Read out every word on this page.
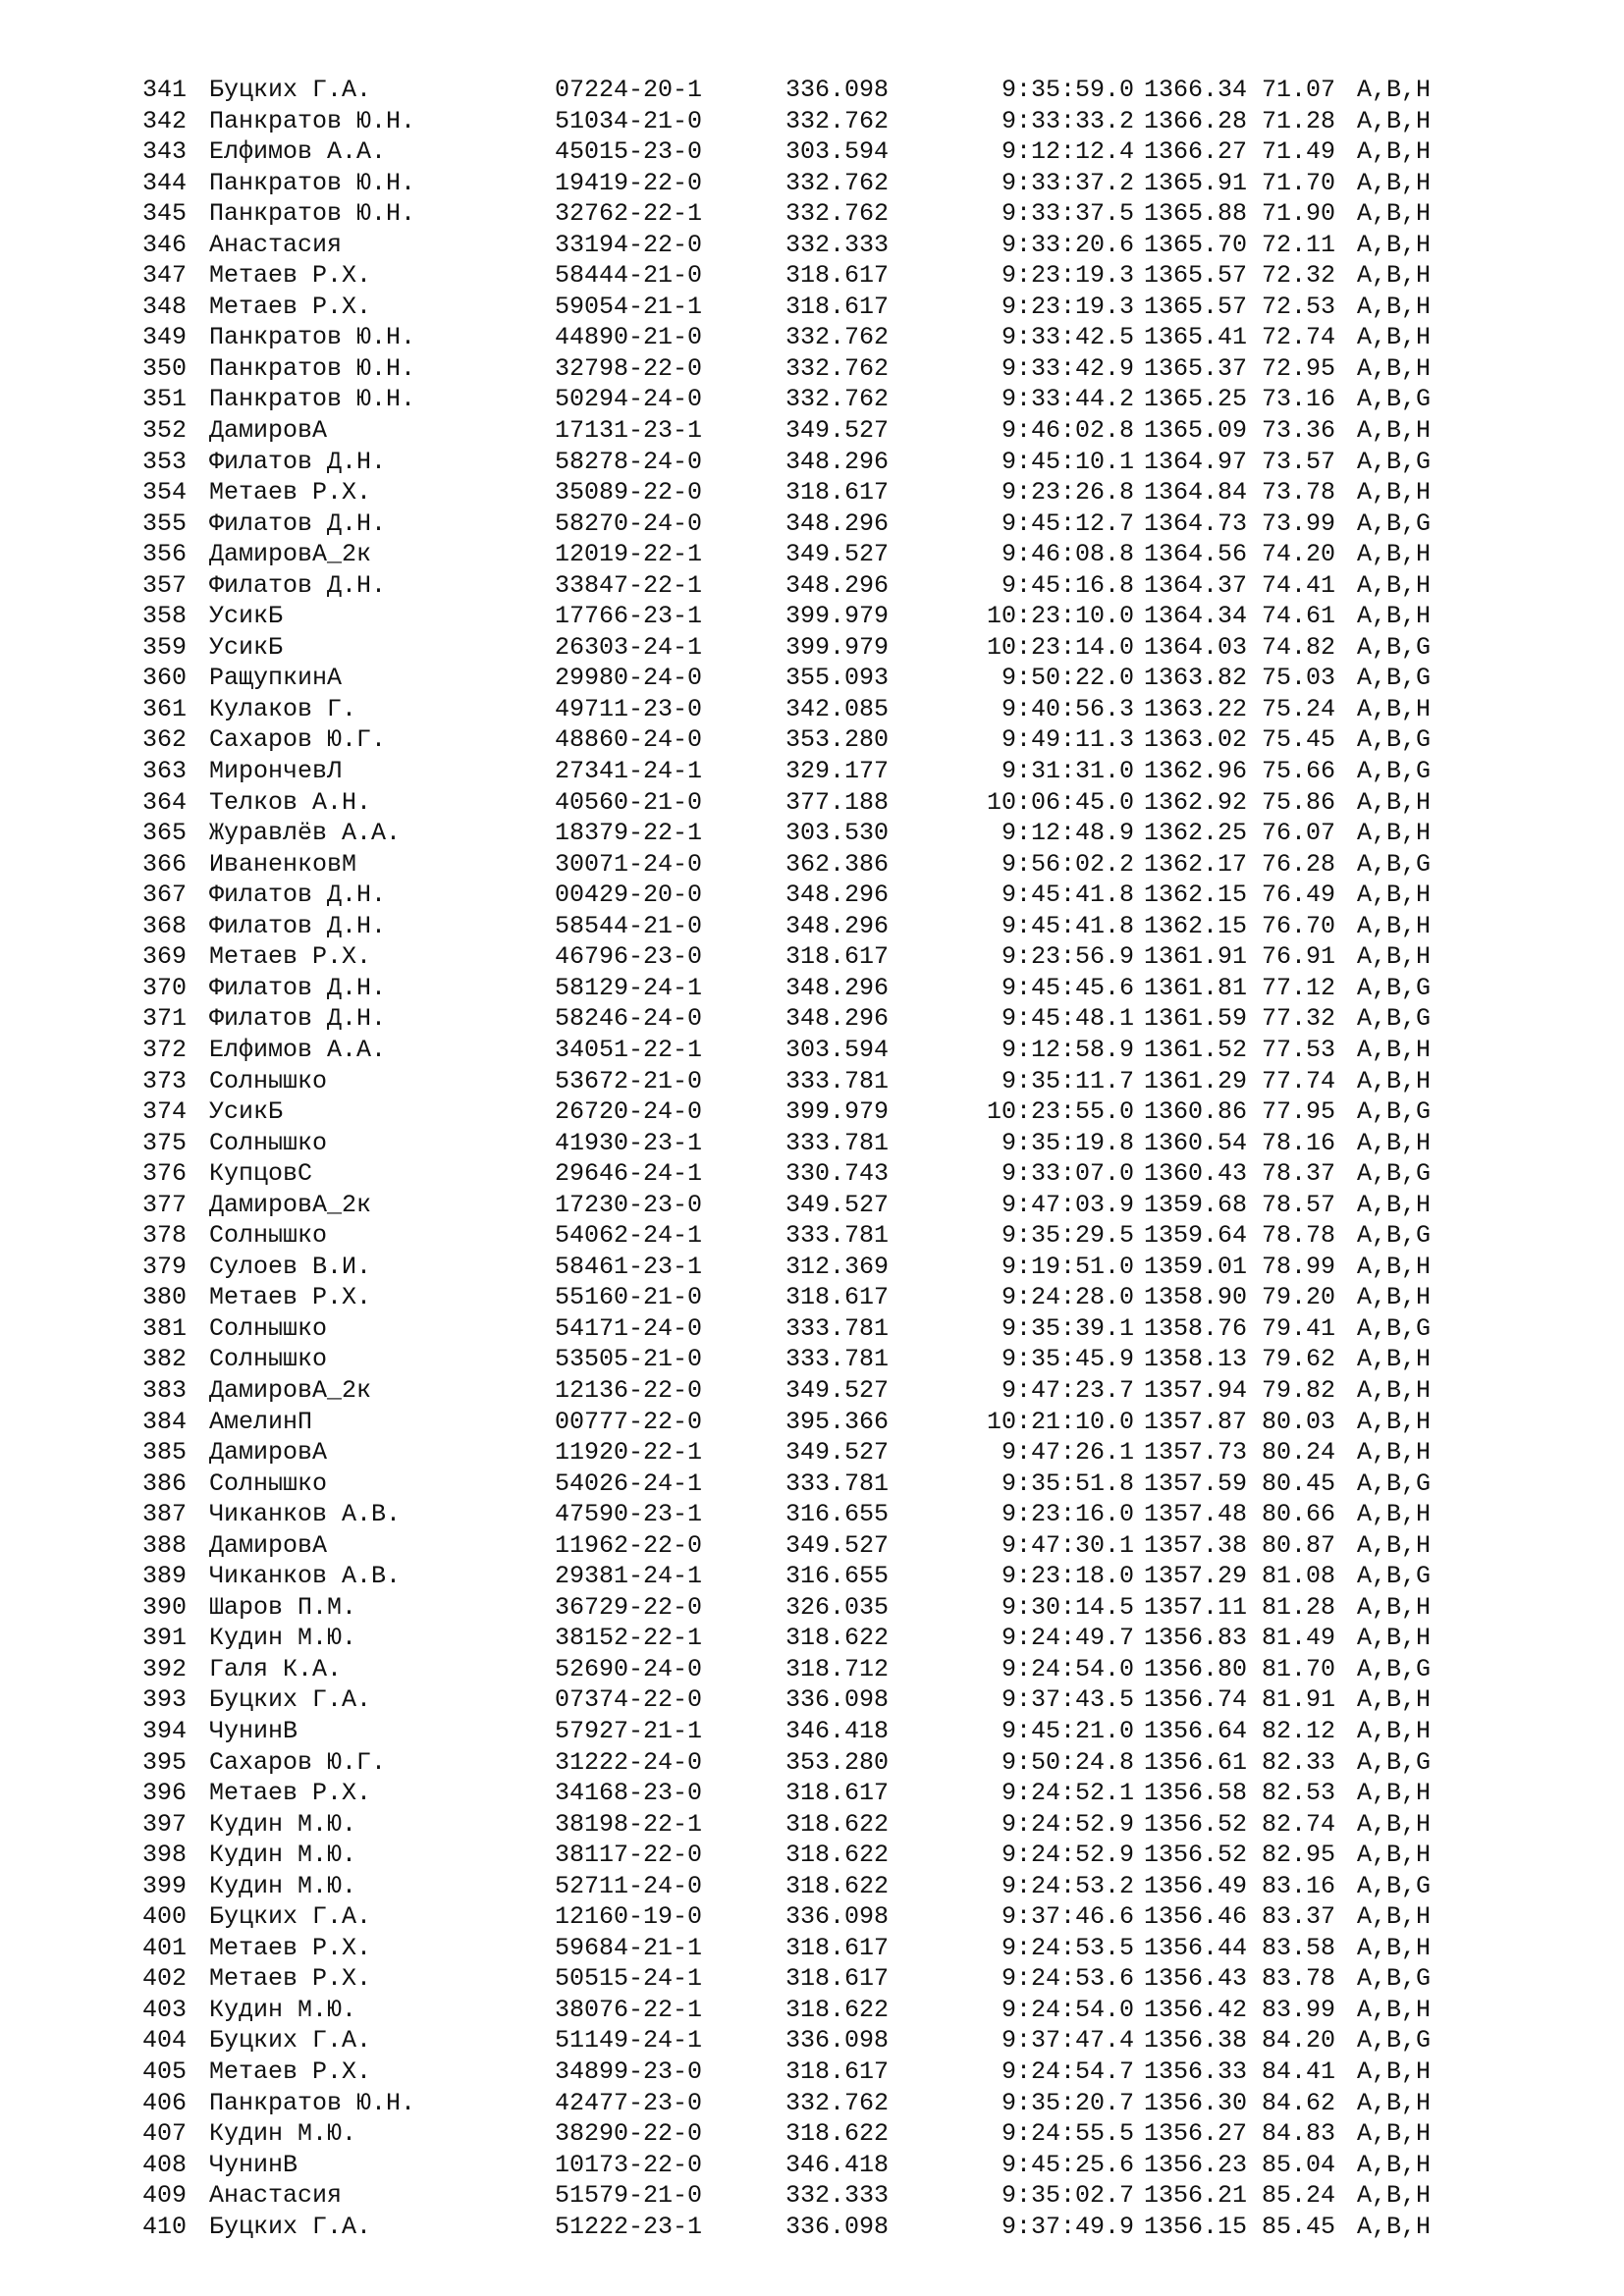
341 Буцких Г.А.	07224-20-1	336.098	9:35:59.0 1366.34 71.07 A,B,H
342 Панкратов Ю.Н.	51034-21-0	332.762	9:33:33.2 1366.28 71.28 A,B,H
343 Елфимов А.А.	45015-23-0	303.594	9:12:12.4 1366.27 71.49 A,B,H
344 Панкратов Ю.Н.	19419-22-0	332.762	9:33:37.2 1365.91 71.70 A,B,H
345 Панкратов Ю.Н.	32762-22-1	332.762	9:33:37.5 1365.88 71.90 A,B,H
346 Анастасия	33194-22-0	332.333	9:33:20.6 1365.70 72.11 A,B,H
347 Метаев Р.Х.	58444-21-0	318.617	9:23:19.3 1365.57 72.32 A,B,H
348 Метаев Р.Х.	59054-21-1	318.617	9:23:19.3 1365.57 72.53 A,B,H
349 Панкратов Ю.Н.	44890-21-0	332.762	9:33:42.5 1365.41 72.74 A,B,H
350 Панкратов Ю.Н.	32798-22-0	332.762	9:33:42.9 1365.37 72.95 A,B,H
351 Панкратов Ю.Н.	50294-24-0	332.762	9:33:44.2 1365.25 73.16 A,B,G
352 ДамировА	17131-23-1	349.527	9:46:02.8 1365.09 73.36 A,B,H
353 Филатов Д.Н.	58278-24-0	348.296	9:45:10.1 1364.97 73.57 A,B,G
354 Метаев Р.Х.	35089-22-0	318.617	9:23:26.8 1364.84 73.78 A,B,H
355 Филатов Д.Н.	58270-24-0	348.296	9:45:12.7 1364.73 73.99 A,B,G
356 ДамировА_2к	12019-22-1	349.527	9:46:08.8 1364.56 74.20 A,B,H
357 Филатов Д.Н.	33847-22-1	348.296	9:45:16.8 1364.37 74.41 A,B,H
358 УсикБ	17766-23-1	399.979	10:23:10.0 1364.34 74.61 A,B,H
359 УсикБ	26303-24-1	399.979	10:23:14.0 1364.03 74.82 A,B,G
360 РащупкинА	29980-24-0	355.093	9:50:22.0 1363.82 75.03 A,B,G
361 Кулаков Г.	49711-23-0	342.085	9:40:56.3 1363.22 75.24 A,B,H
362 Сахаров Ю.Г.	48860-24-0	353.280	9:49:11.3 1363.02 75.45 A,B,G
363 МирончевЛ	27341-24-1	329.177	9:31:31.0 1362.96 75.66 A,B,G
364 Телков А.Н.	40560-21-0	377.188	10:06:45.0 1362.92 75.86 A,B,H
365 Журавлёв А.А.	18379-22-1	303.530	9:12:48.9 1362.25 76.07 A,B,H
366 ИваненковМ	30071-24-0	362.386	9:56:02.2 1362.17 76.28 A,B,G
367 Филатов Д.Н.	00429-20-0	348.296	9:45:41.8 1362.15 76.49 A,B,H
368 Филатов Д.Н.	58544-21-0	348.296	9:45:41.8 1362.15 76.70 A,B,H
369 Метаев Р.Х.	46796-23-0	318.617	9:23:56.9 1361.91 76.91 A,B,H
370 Филатов Д.Н.	58129-24-1	348.296	9:45:45.6 1361.81 77.12 A,B,G
371 Филатов Д.Н.	58246-24-0	348.296	9:45:48.1 1361.59 77.32 A,B,G
372 Елфимов А.А.	34051-22-1	303.594	9:12:58.9 1361.52 77.53 A,B,H
373 Солнышко	53672-21-0	333.781	9:35:11.7 1361.29 77.74 A,B,H
374 УсикБ	26720-24-0	399.979	10:23:55.0 1360.86 77.95 A,B,G
375 Солнышко	41930-23-1	333.781	9:35:19.8 1360.54 78.16 A,B,H
376 КупцовС	29646-24-1	330.743	9:33:07.0 1360.43 78.37 A,B,G
377 ДамировА_2к	17230-23-0	349.527	9:47:03.9 1359.68 78.57 A,B,H
378 Солнышко	54062-24-1	333.781	9:35:29.5 1359.64 78.78 A,B,G
379 Сулоев В.И.	58461-23-1	312.369	9:19:51.0 1359.01 78.99 A,B,H
380 Метаев Р.Х.	55160-21-0	318.617	9:24:28.0 1358.90 79.20 A,B,H
381 Солнышко	54171-24-0	333.781	9:35:39.1 1358.76 79.41 A,B,G
382 Солнышко	53505-21-0	333.781	9:35:45.9 1358.13 79.62 A,B,H
383 ДамировА_2к	12136-22-0	349.527	9:47:23.7 1357.94 79.82 A,B,H
384 АмелинП	00777-22-0	395.366	10:21:10.0 1357.87 80.03 A,B,H
385 ДамировА	11920-22-1	349.527	9:47:26.1 1357.73 80.24 A,B,H
386 Солнышко	54026-24-1	333.781	9:35:51.8 1357.59 80.45 A,B,G
387 Чиканков А.В.	47590-23-1	316.655	9:23:16.0 1357.48 80.66 A,B,H
388 ДамировА	11962-22-0	349.527	9:47:30.1 1357.38 80.87 A,B,H
389 Чиканков А.В.	29381-24-1	316.655	9:23:18.0 1357.29 81.08 A,B,G
390 Шаров П.М.	36729-22-0	326.035	9:30:14.5 1357.11 81.28 A,B,H
391 Кудин М.Ю.	38152-22-1	318.622	9:24:49.7 1356.83 81.49 A,B,H
392 Галя К.А.	52690-24-0	318.712	9:24:54.0 1356.80 81.70 A,B,G
393 Буцких Г.А.	07374-22-0	336.098	9:37:43.5 1356.74 81.91 A,B,H
394 ЧунинВ	57927-21-1	346.418	9:45:21.0 1356.64 82.12 A,B,H
395 Сахаров Ю.Г.	31222-24-0	353.280	9:50:24.8 1356.61 82.33 A,B,G
396 Метаев Р.Х.	34168-23-0	318.617	9:24:52.1 1356.58 82.53 A,B,H
397 Кудин М.Ю.	38198-22-1	318.622	9:24:52.9 1356.52 82.74 A,B,H
398 Кудин М.Ю.	38117-22-0	318.622	9:24:52.9 1356.52 82.95 A,B,H
399 Кудин М.Ю.	52711-24-0	318.622	9:24:53.2 1356.49 83.16 A,B,G
400 Буцких Г.А.	12160-19-0	336.098	9:37:46.6 1356.46 83.37 A,B,H
401 Метаев Р.Х.	59684-21-1	318.617	9:24:53.5 1356.44 83.58 A,B,H
402 Метаев Р.Х.	50515-24-1	318.617	9:24:53.6 1356.43 83.78 A,B,G
403 Кудин М.Ю.	38076-22-1	318.622	9:24:54.0 1356.42 83.99 A,B,H
404 Буцких Г.А.	51149-24-1	336.098	9:37:47.4 1356.38 84.20 A,B,G
405 Метаев Р.Х.	34899-23-0	318.617	9:24:54.7 1356.33 84.41 A,B,H
406 Панкратов Ю.Н.	42477-23-0	332.762	9:35:20.7 1356.30 84.62 A,B,H
407 Кудин М.Ю.	38290-22-0	318.622	9:24:55.5 1356.27 84.83 A,B,H
408 ЧунинВ	10173-22-0	346.418	9:45:25.6 1356.23 85.04 A,B,H
409 Анастасия	51579-21-0	332.333	9:35:02.7 1356.21 85.24 A,B,H
410 Буцких Г.А.	51222-23-1	336.098	9:37:49.9 1356.15 85.45 A,B,H
